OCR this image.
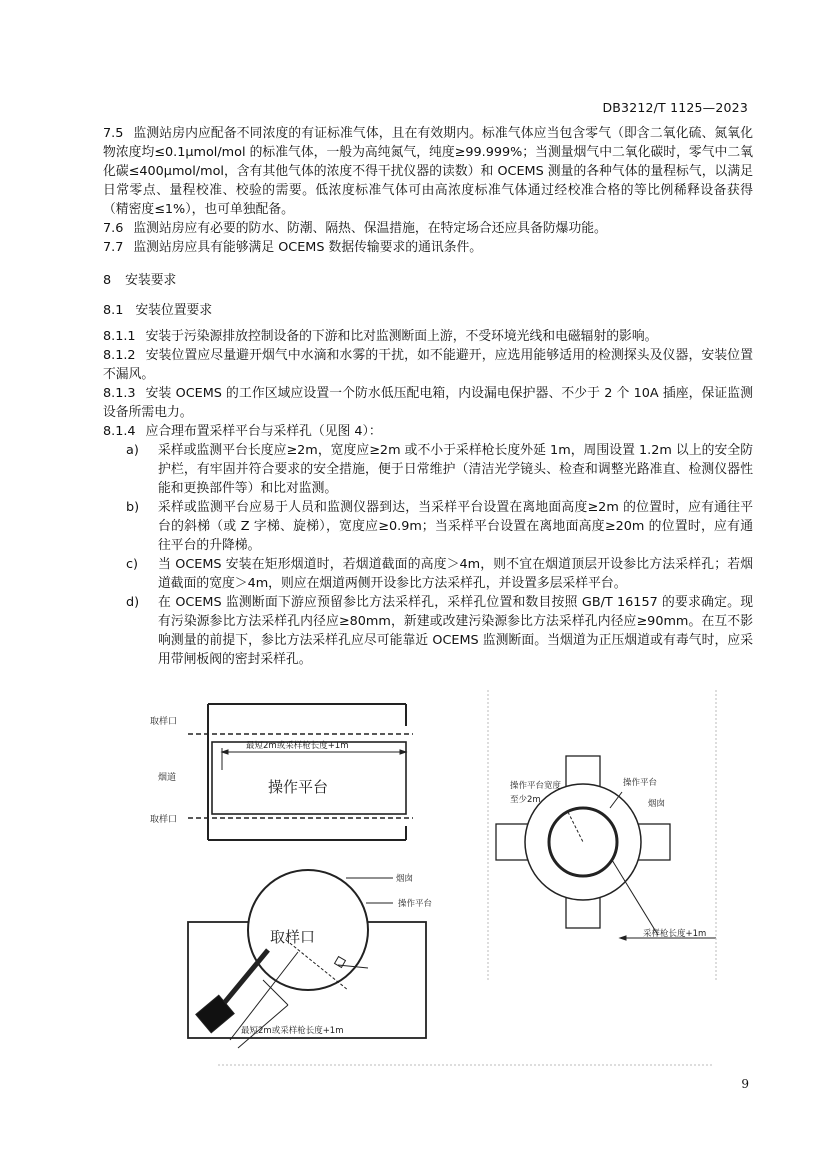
DB3212/T 1125—2023

7.5 监测站房内应配备不同浓度的有证标准气体，且在有效期内。标准气体应当包含零气（即含二氧化硫、氮氧化物浓度均≤0.1μmol/mol 的标准气体，一般为高纯氮气，纯度≥99.999%；当测量烟气中二氧化碳时，零气中二氧化碳≤400μmol/mol，含有其他气体的浓度不得干扰仪器的读数）和 OCEMS 测量的各种气体的量程标气，以满足日常零点、量程校准、校验的需要。低浓度标准气体可由高浓度标准气体通过经校准合格的等比例稀释设备获得（精密度≤1%），也可单独配备。

7.6 监测站房应有必要的防水、防潮、隔热、保温措施，在特定场合还应具备防爆功能。

7.7 监测站房应具有能够满足 OCEMS 数据传输要求的通讯条件。

8 安装要求
8.1 安装位置要求

8.1.1 安装于污染源排放控制设备的下游和比对监测断面上游，不受环境光线和电磁辐射的影响。

8.1.2 安装位置应尽量避开烟气中水滴和水雾的干扰，如不能避开，应选用能够适用的检测探头及仪器，安装位置不漏风。

8.1.3 安装 OCEMS 的工作区域应设置一个防水低压配电箱，内设漏电保护器、不少于 2 个 10A 插座，保证监测设备所需电力。

8.1.4 应合理布置采样平台与采样孔（见图 4）：

a) 采样或监测平台长度应≥2m，宽度应≥2m 或不小于采样枪长度外延 1m，周围设置 1.2m 以上的安全防护栏，有牢固并符合要求的安全措施，便于日常维护（清洁光学镜头、检查和调整光路准直、检测仪器性能和更换部件等）和比对监测。
b) 采样或监测平台应易于人员和监测仪器到达，当采样平台设置在离地面高度≥2m 的位置时，应有通往平台的斜梯（或 Z 字梯、旋梯），宽度应≥0.9m；当采样平台设置在离地面高度≥20m 的位置时，应有通往平台的升降梯。
c) 当 OCEMS 安装在矩形烟道时，若烟道截面的高度＞4m，则不宜在烟道顶层开设参比方法采样孔；若烟道截面的宽度＞4m，则应在烟道两侧开设参比方法采样孔，并设置多层采样平台。
d) 在 OCEMS 监测断面下游应预留参比方法采样孔，采样孔位置和数目按照 GB/T 16157 的要求确定。现有污染源参比方法采样孔内径应≥80mm，新建或改建污染源参比方法采样孔内径应≥90mm。在互不影响测量的前提下，参比方法采样孔应尽可能靠近 OCEMS 监测断面。当烟道为正压烟道或有毒气时，应采用带闸板阀的密封采样孔。
取样口
烟道
取样口
最短2m或采样枪长度+1m
操作平台	操作平台宽度
至少2m
操作平台
烟囱
采样枪长度+1m
烟囱
操作平台
取样口
最短2m或采样枪长度+1m
9
